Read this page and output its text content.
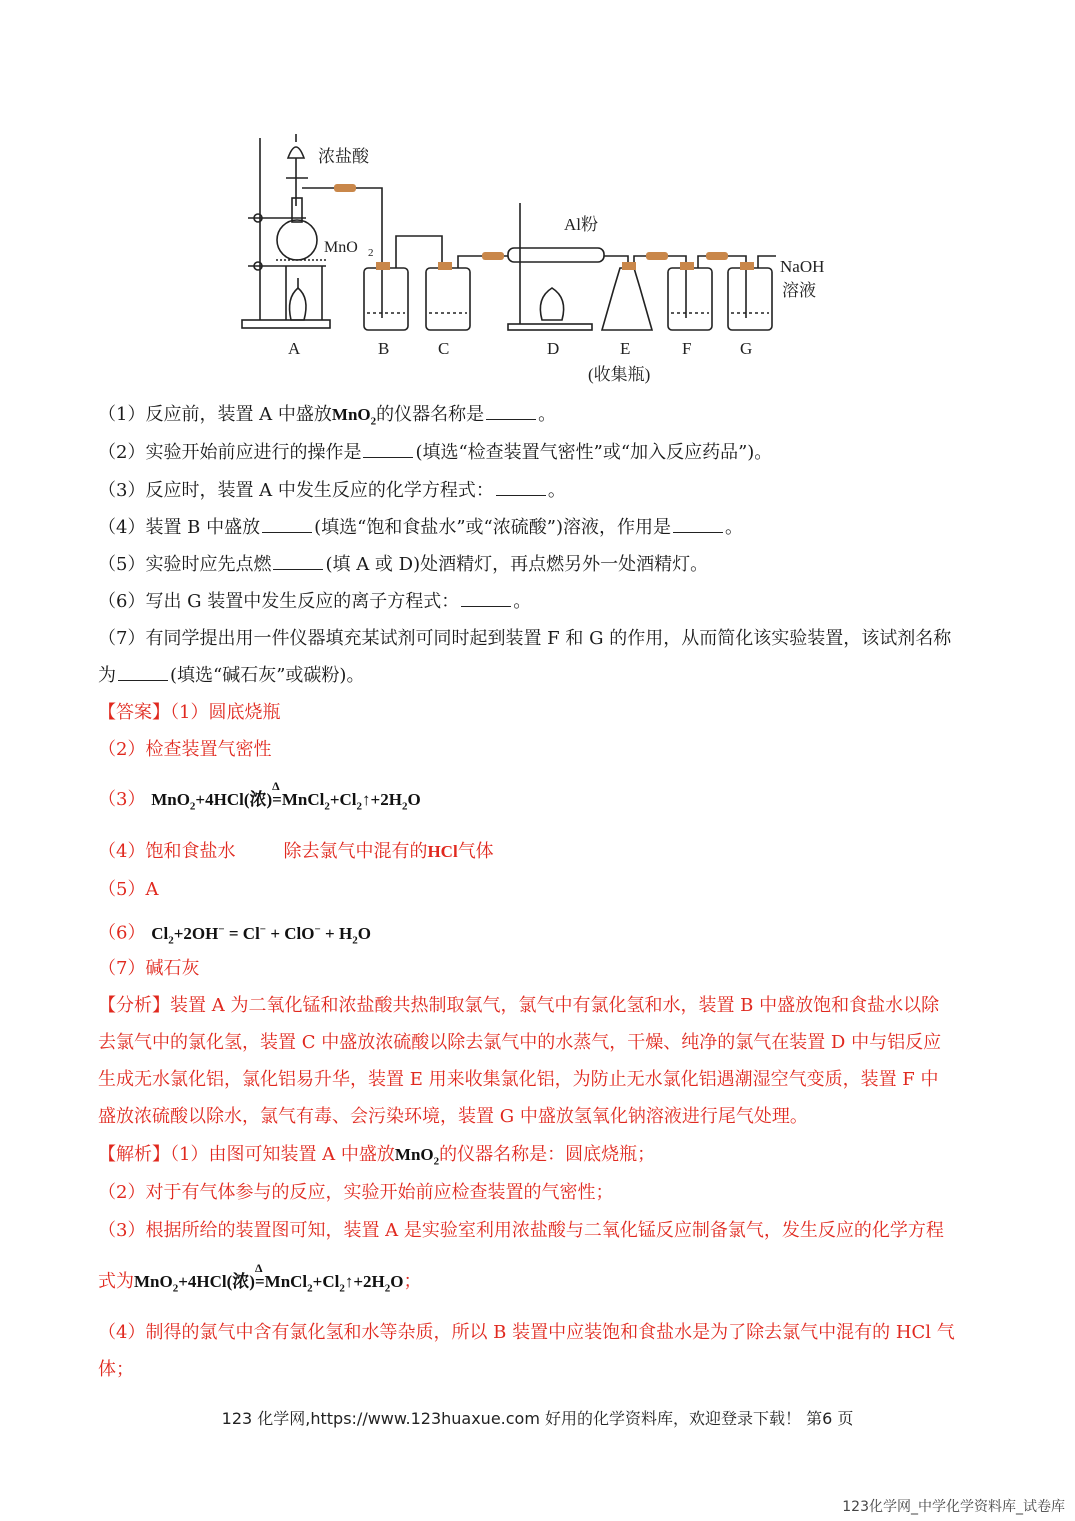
浓盐酸
MnO 2
Al粉
NaOH
溶液
A	B	C	D	E	F	G
(收集瓶)
（1）反应前，装置 A 中盛放MnO$_2$的仪器名称是	。
（2）实验开始前应进行的操作是	(填选“检查装置气密性”或“加入反应药品”)。
（3）反应时，装置 A 中发生反应的化学方程式：	。
（4）装置 B 中盛放	(填选“饱和食盐水”或“浓硫酸”)溶液，作用是	。
（5）实验时应先点燃	(填 A 或 D)处酒精灯，再点燃另外一处酒精灯。
（6）写出 G 装置中发生反应的离子方程式：	。
（7）有同学提出用一件仪器填充某试剂可同时起到装置 F 和 G 的作用，从而简化该实验装置，该试剂名称
为	(填选“碱石灰”或碳粉)。
【答案】（1）圆底烧瓶
（2）检查装置气密性
（3） MnO$_2$+4HCl(浓)
Δ
$=MnCl_2+Cl_2↑+2H_2O$
（4）饱和食盐水	除去氯气中混有的HCl气体
（5）A
（6） $Cl_2+2OH^- = Cl^- + ClO^- + H_2O$
（7）碱石灰
【分析】装置 A 为二氧化锰和浓盐酸共热制取氯气，氯气中有氯化氢和水，装置 B 中盛放饱和食盐水以除
去氯气中的氯化氢，装置 C 中盛放浓硫酸以除去氯气中的水蒸气，干燥、纯净的氯气在装置 D 中与铝反应
生成无水氯化铝，氯化铝易升华，装置 E 用来收集氯化铝，为防止无水氯化铝遇潮湿空气变质，装置 F 中
盛放浓硫酸以除水，氯气有毒、会污染环境，装置 G 中盛放氢氧化钠溶液进行尾气处理。
【解析】（1）由图可知装置 A 中盛放MnO$_2$的仪器名称是：圆底烧瓶；
（2）对于有气体参与的反应，实验开始前应检查装置的气密性；
（3）根据所给的装置图可知，装置 A 是实验室利用浓盐酸与二氧化锰反应制备氯气，发生反应的化学方程
式为MnO$_2$+4HCl(浓)
Δ
$=MnCl_2+Cl_2↑+2H_2O$；
（4）制得的氯气中含有氯化氢和水等杂质，所以 B 装置中应装饱和食盐水是为了除去氯气中混有的 HCl 气
体；
123 化学网,https://www.123huaxue.com 好用的化学资料库，欢迎登录下载！ 第6 页
123化学网_中学化学资料库_试卷库
